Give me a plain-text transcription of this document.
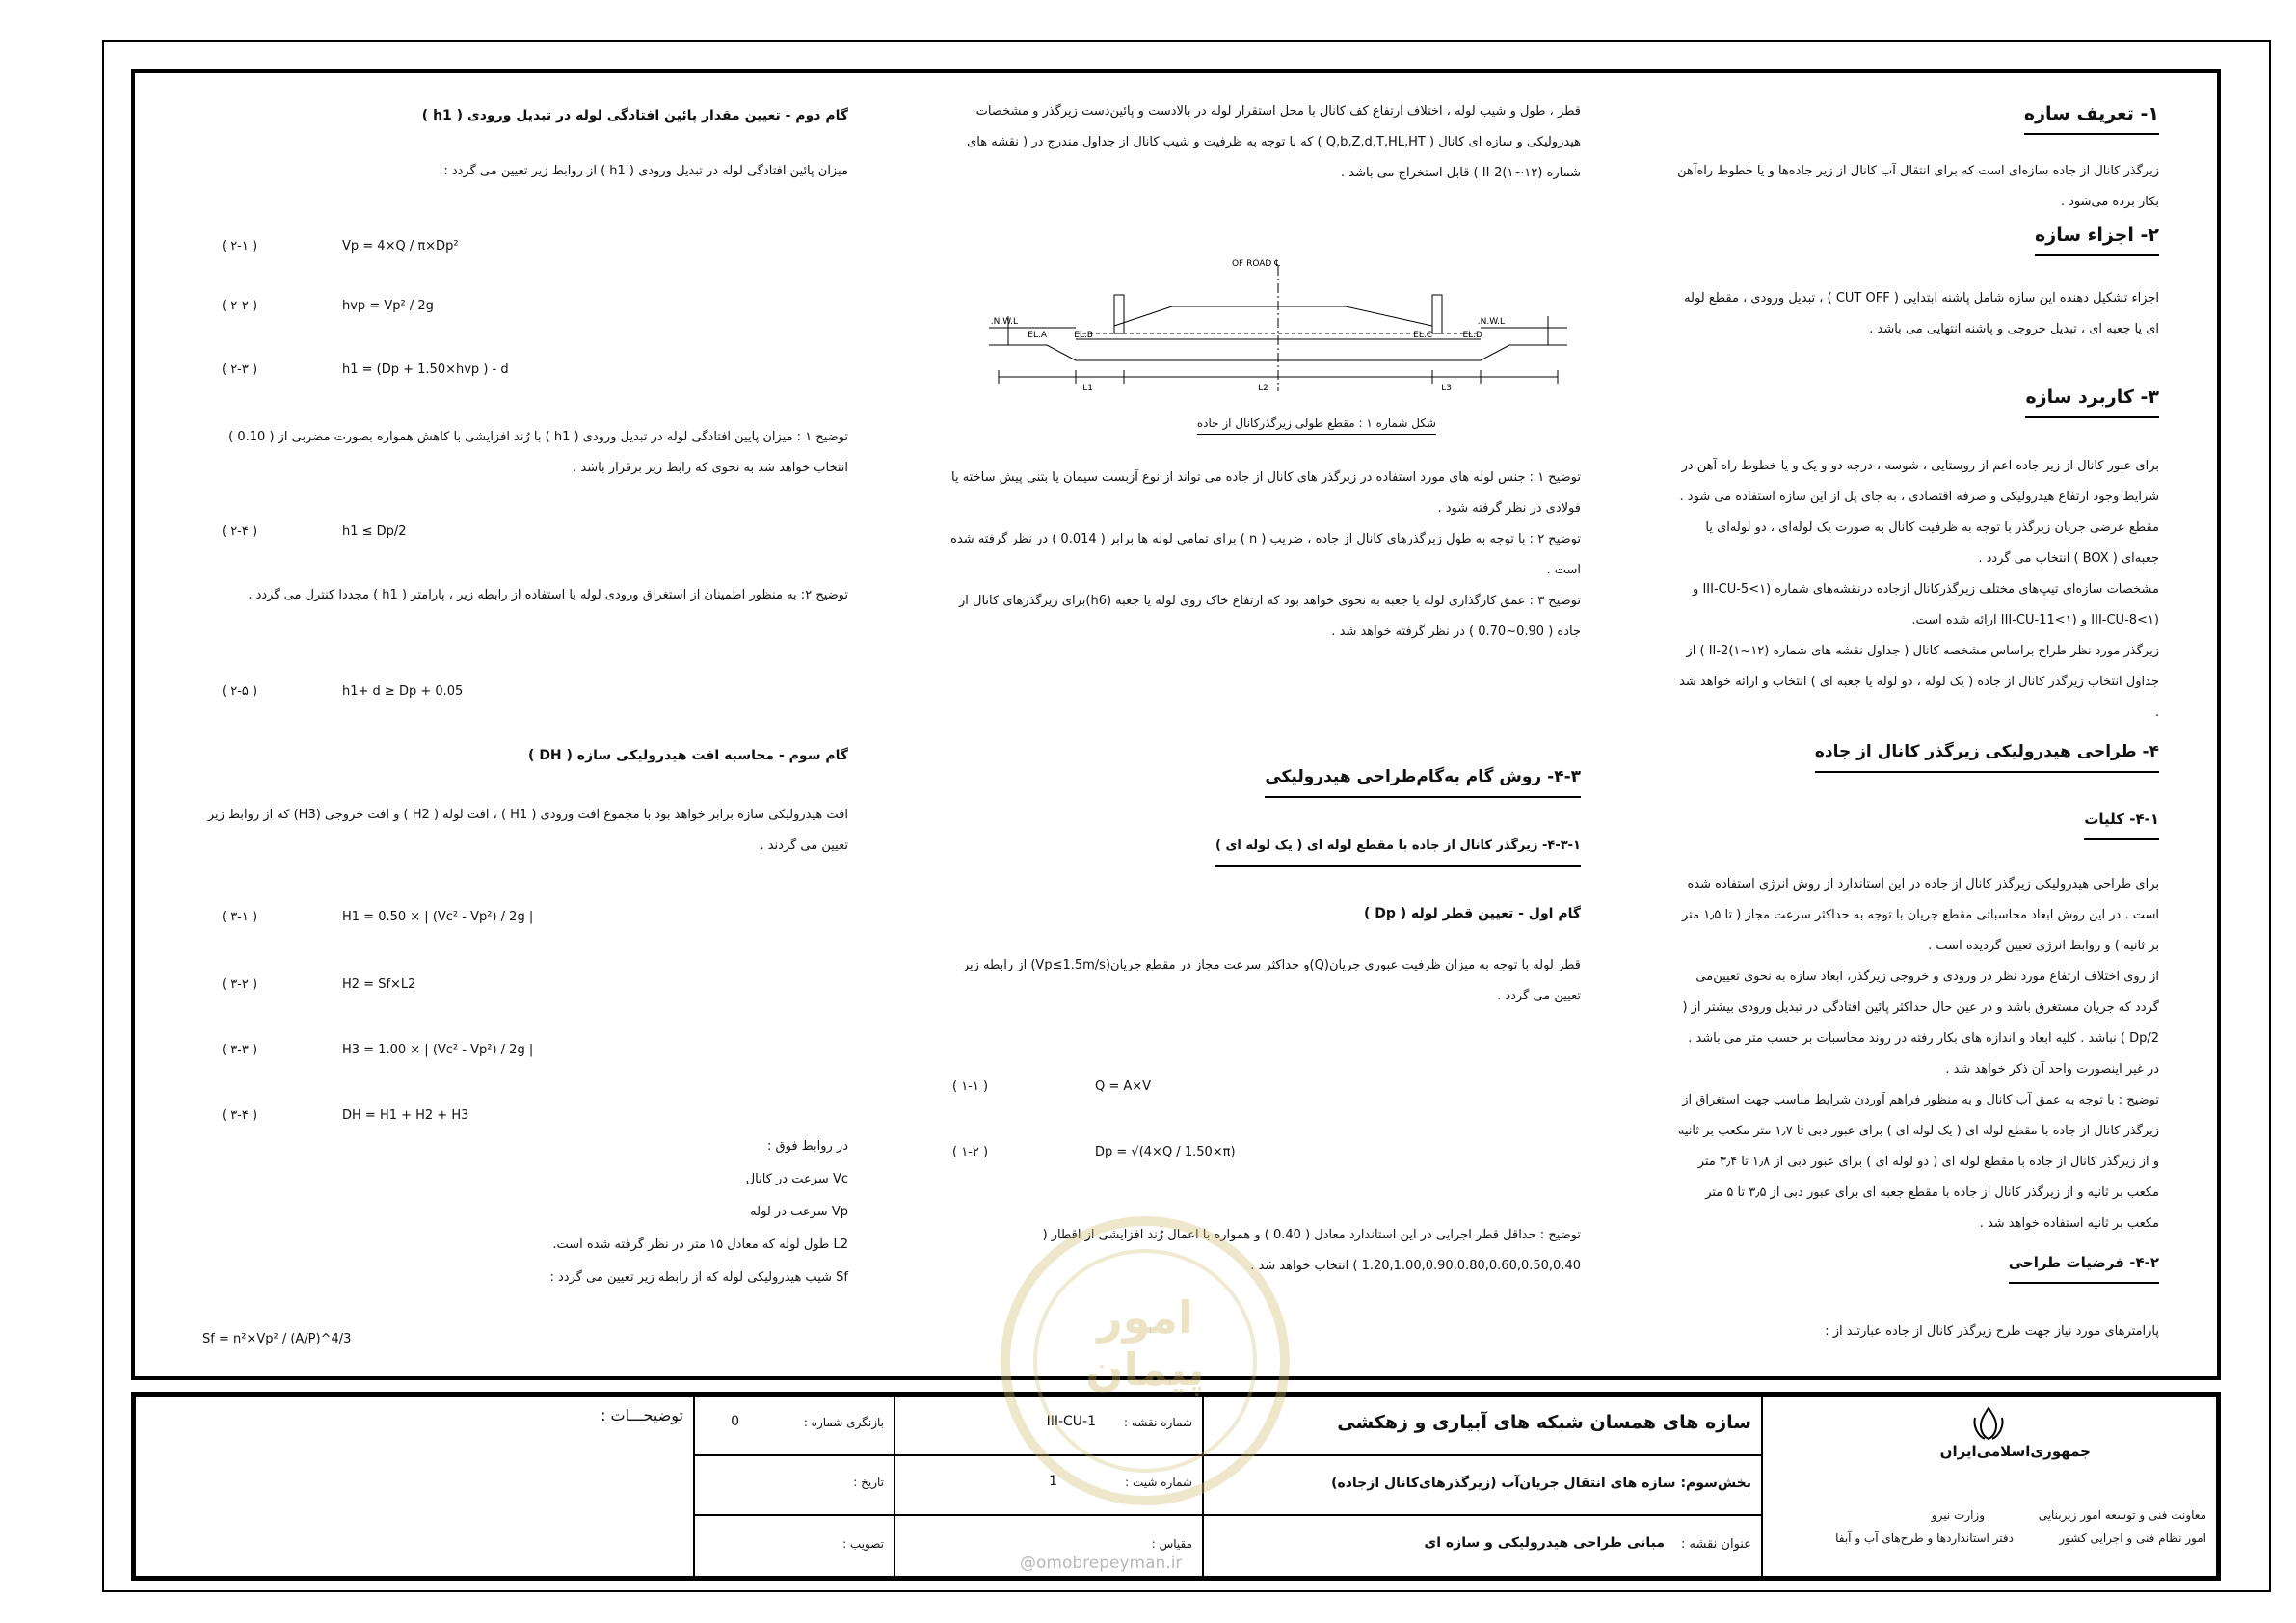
۱- تعریف سازه
زیرگذر کانال از جاده سازه‌ای است که برای انتقال آب کانال از زیر جاده‌ها و یا خطوط راه‌آهن بکار برده می‌شود .
۲- اجزاء سازه
اجزاء تشکیل دهنده این سازه شامل پاشنه ابتدایی ( CUT OFF ) ، تبدیل ورودی ، مقطع لوله ای یا جعبه ای ، تبدیل خروجی و پاشنه انتهایی می باشد .
۳- کاربرد سازه
برای عبور کانال از زیر جاده اعم از روستایی ، شوسه ، درجه دو و یک و یا خطوط راه آهن در شرایط وجود ارتفاع هیدرولیکی و صرفه اقتصادی ، به جای پل از این سازه استفاده می شود . مقطع عرضی جریان زیرگذر با توجه به ظرفیت کانال به صورت یک لوله‌ای ، دو لوله‌ای یا جعبه‌ای ( BOX ) انتخاب می گردد .
مشخصات سازه‌ای تیپ‌های مختلف زیرگذرکانال ازجاده درنقشه‌های شماره (۱>III-CU-5 و (۱>III-CU-8 و (۱>III-CU-11 ارائه شده است.
زیرگذر مورد نظر طراح براساس مشخصه کانال ( جداول نقشه های شماره (۱۲~۱)II-2 ) از جداول انتخاب زیرگذر کانال از جاده ( یک لوله ، دو لوله یا جعبه ای ) انتخاب و ارائه خواهد شد .
۴- طراحی هیدرولیکی زیرگذر کانال از جاده
۴-۱- کلیات
برای طراحی هیدرولیکی زیرگذر کانال از جاده در این استاندارد از روش انرژی استفاده شده است . در این روش ابعاد محاسباتی مقطع جریان با توجه به حداکثر سرعت مجاز ( تا ۱٫۵ متر بر ثانیه ) و روابط انرژی تعیین گردیده است .
از روی اختلاف ارتفاع مورد نظر در ورودی و خروجی زیرگذر، ابعاد سازه به نحوی تعیین‌می گردد که جریان مستغرق باشد و در عین حال حداکثر پائین افتادگی در تبدیل ورودی بیشتر از ( Dp/2 ) نباشد . کلیه ابعاد و اندازه های بکار رفته در روند محاسبات بر حسب متر می باشد . در غیر اینصورت واحد آن ذکر خواهد شد .
توضیح : با توجه به عمق آب کانال و به منظور فراهم آوردن شرایط مناسب جهت استغراق از زیرگذر کانال از جاده با مقطع لوله ای ( یک لوله ای ) برای عبور دبی تا ۱٫۷ متر مکعب بر ثانیه و از زیرگذر کانال از جاده با مقطع لوله ای ( دو لوله ای ) برای عبور دبی از ۱٫۸ تا ۳٫۴ متر مکعب بر ثانیه و از زیرگذر کانال از جاده با مقطع جعبه ای برای عبور دبی از ۳٫۵ تا ۵ متر مکعب بر ثانیه استفاده خواهد شد .
۴-۲- فرضیات طراحی
پارامترهای مورد نیاز جهت طرح زیرگذر کانال از جاده عبارتند از :
قطر ، طول و شیب لوله ، اختلاف ارتفاع کف کانال با محل استقرار لوله در بالادست و پائین‌دست زیرگذر و مشخصات هیدرولیکی و سازه ای کانال ( Q,b,Z,d,T,HL,HT ) که با توجه به ظرفیت و شیب کانال از جداول مندرج در ( نقشه های شماره (۱۲~۱)II-2 ) قابل استخراج می باشد .
℄ OF ROAD
N.W.L.	N.W.L.
EL.A	EL.B	EL.C	EL.D
L1	L2	L3
شکل شماره ۱ : مقطع طولی زیرگذرکانال از جاده
توضیح ۱ : جنس لوله های مورد استفاده در زیرگذر های کانال از جاده می تواند از نوع آزبست سیمان یا بتنی پیش ساخته یا فولادی در نظر گرفته شود .
توضیح ۲ : با توجه به طول زیرگذرهای کانال از جاده ، ضریب ( n ) برای تمامی لوله ها برابر ( 0.014 ) در نظر گرفته شده است .
توضیح ۳ : عمق کارگذاری لوله یا جعبه به نحوی خواهد بود که ارتفاع خاک روی لوله یا جعبه (h6)برای زیرگذرهای کانال از جاده ( 0.90~0.70 ) در نظر گرفته خواهد شد .
۴-۳- روش گام به‌گام‌طراحی هیدرولیکی
۴-۳-۱- زیرگذر کانال از جاده با مقطع لوله ای ( یک لوله ای )
گام اول - تعیین قطر لوله ( Dp )
قطر لوله با توجه به میزان ظرفیت عبوری جریان(Q)و حداکثر سرعت مجاز در مقطع جریان(Vp≤1.5m/s) از رابطه زیر تعیین می گردد .
Q = A×V
( ۱-۱ )
Dp = √(4×Q / 1.50×π)
( ۱-۲ )
توضیح : حداقل قطر اجرایی در این استاندارد معادل ( 0.40 ) و همواره با اعمال رُند افزایشی از اقطار ( 1.20,1.00,0.90,0.80,0.60,0.50,0.40 ) انتخاب خواهد شد .
گام دوم - تعیین مقدار پائین افتادگی لوله در تبدیل ورودی ( h1 )
میزان پائین افتادگی لوله در تبدیل ورودی ( h1 ) از روابط زیر تعیین می گردد :
Vp = 4×Q / π×Dp²
( ۲-۱ )
hvp = Vp² / 2g
( ۲-۲ )
h1 = (Dp + 1.50×hvp ) - d
( ۲-۳ )
توضیح ۱ : میزان پایین افتادگی لوله در تبدیل ورودی ( h1 ) با رُند افزایشی با کاهش همواره بصورت مضربی از ( 0.10 ) انتخاب خواهد شد به نحوی که رابط زیر برقرار باشد .
h1 ≤ Dp/2
( ۲-۴ )
توضیح ۲: به منظور اطمینان از استغراق ورودی لوله با استفاده از رابطه زیر ، پارامتر ( h1 ) مجددا کنترل می گردد .
h1+ d ≥ Dp + 0.05
( ۲-۵ )
گام سوم - محاسبه افت هیدرولیکی سازه ( DH )
افت هیدرولیکی سازه برابر خواهد بود با مجموع افت ورودی ( H1 ) ، افت لوله ( H2 ) و افت خروجی (H3) که از روابط زیر تعیین می گردند .
H1 = 0.50 × | (Vc² - Vp²) / 2g |
( ۳-۱ )
H2 = Sf×L2
( ۳-۲ )
H3 = 1.00 × | (Vc² - Vp²) / 2g |
( ۳-۳ )
DH = H1 + H2 + H3
( ۳-۴ )
در روابط فوق :
Vc سرعت در کانال
Vp سرعت در لوله
L2 طول لوله که معادل ۱۵ متر در نظر گرفته شده است.
Sf شیب هیدرولیکی لوله که از رابطه زیر تعیین می گردد :
Sf = n²×Vp² / (A/P)^4/3
جمهوری‌اسلامی‌ایران
معاونت فنی و توسعه امور زیربنایی
امور نظام فنی و اجرایی کشور
وزارت نیرو
دفتر استانداردها و طرح‌های آب و آبفا
سازه های همسان شبکه های آبیاری و زهکشی
بخش‌سوم: سازه های انتقال جریان‌آب (زیرگذرهای‌کانال ازجاده)
عنوان نقشه :
مبانی طراحی هیدرولیکی و سازه ای
شماره نقشه :
III-CU-1
شماره شیت :
1
مقیاس :
بازنگری شماره :
0
تاریخ :
تصویب :
توضیحـــات :
امور پیمان
@omobrepeyman.ir
